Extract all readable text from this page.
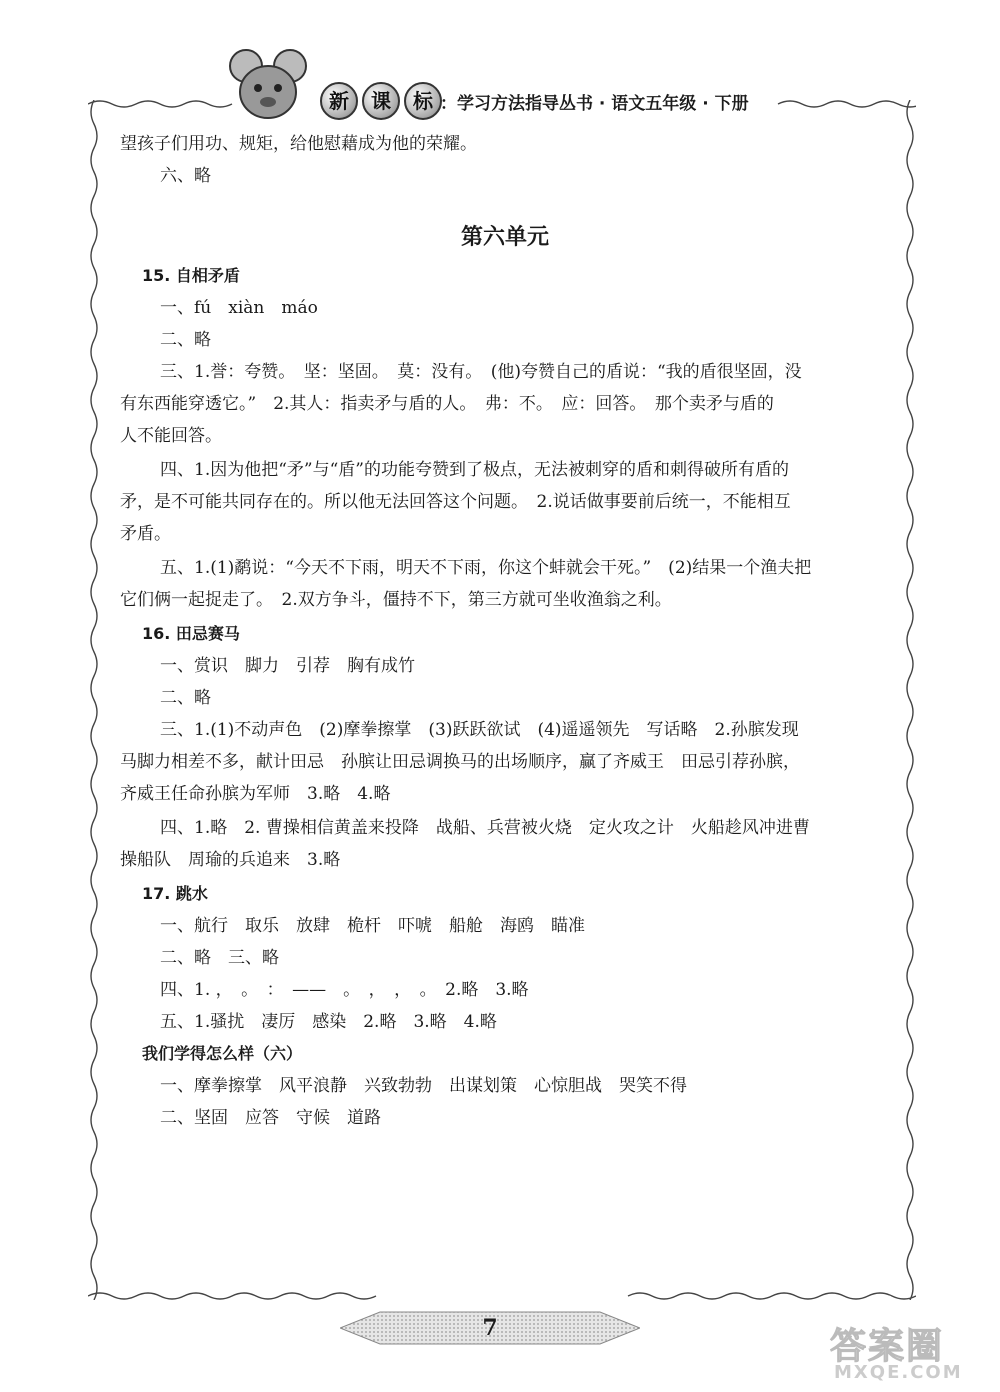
新	课	标 ：学习方法指导丛书 · 语文五年级 · 下册
望孩子们用功、规矩，给他慰藉成为他的荣耀。
六、略
第六单元
15. 自相矛盾
一、fú　xiàn　máo
二、略
三、1.誉：夸赞。　坚：坚固。　莫：没有。　(他)夸赞自己的盾说：“我的盾很坚固，没
有东西能穿透它。”　2.其人：指卖矛与盾的人。　弗：不。　应：回答。　那个卖矛与盾的
人不能回答。
四、1.因为他把“矛”与“盾”的功能夸赞到了极点，无法被刺穿的盾和刺得破所有盾的
矛，是不可能共同存在的。所以他无法回答这个问题。　2.说话做事要前后统一，不能相互
矛盾。
五、1.(1)鹬说：“今天不下雨，明天不下雨，你这个蚌就会干死。”　(2)结果一个渔夫把
它们俩一起捉走了。　2.双方争斗，僵持不下，第三方就可坐收渔翁之利。
16. 田忌赛马
一、赏识　脚力　引荐　胸有成竹
二、略
三、1.(1)不动声色　(2)摩拳擦掌　(3)跃跃欲试　(4)遥遥领先　写话略　2.孙膑发现
马脚力相差不多，献计田忌　孙膑让田忌调换马的出场顺序，赢了齐威王　田忌引荐孙膑，
齐威王任命孙膑为军师　3.略　4.略
四、1.略　2. 曹操相信黄盖来投降　战船、兵营被火烧　定火攻之计　火船趁风冲进曹
操船队　周瑜的兵追来　3.略
17. 跳水
一、航行　取乐　放肆　桅杆　吓唬　船舱　海鸥　瞄准
二、略　三、略
四、1. ，　。　：　——　。　，　，　。　2.略　3.略
五、1.骚扰　凄厉　感染　2.略　3.略　4.略
我们学得怎么样（六）
一、摩拳擦掌　风平浪静　兴致勃勃　出谋划策　心惊胆战　哭笑不得
二、坚固　应答　守候　道路
7	答案圈
MXQE.COM
